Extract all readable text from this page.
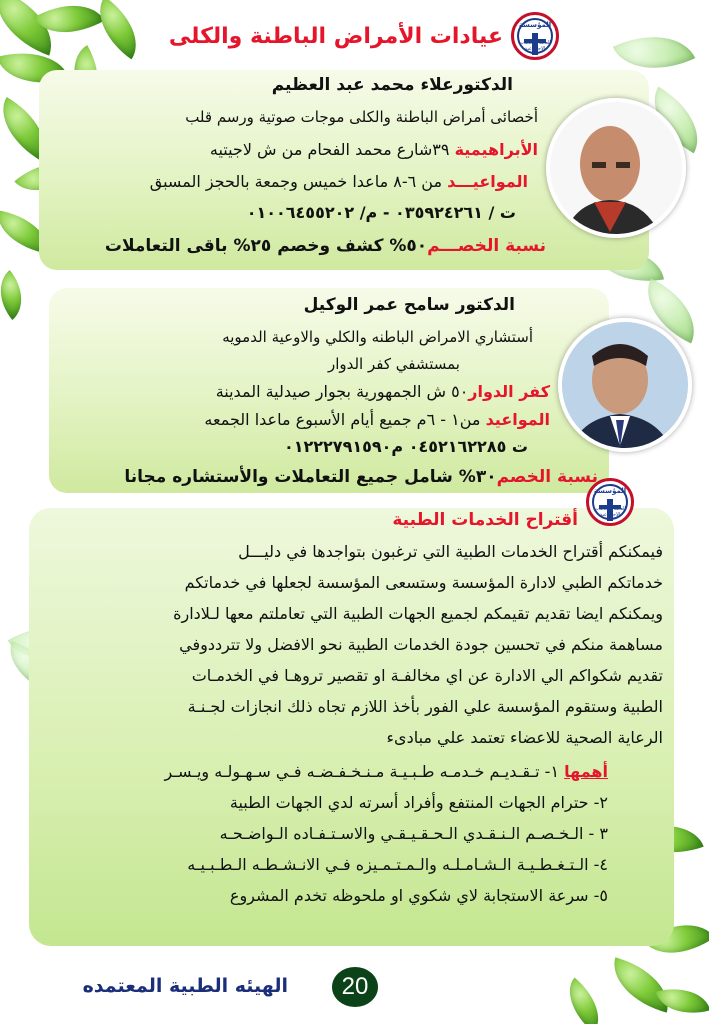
المؤسسة
العامة للخدمات الاجتماعية
المؤسسة
العامة للخدمات الاجتماعية
عيادات الأمراض الباطنة والكلى
الدكتورعلاء محمد عبد العظيم
أخصائى أمراض الباطنة والكلى موجات صوتية ورسم قلب
الأبراهيمية ٣٩شارع محمد الفحام من ش لاجيتيه
المواعيـــد من ٦-٨ ماعدا خميس وجمعة بالحجز المسبق
ت / ٠٣٥٩٢٤٢٦١ - م/ ٠١٠٠٦٤٥٥٢٠٢
نسبة الخصـــم٥٠% كشف وخصم ٢٥% باقى التعاملات
الدكتور سامح عمر الوكيل
أستشاري الامراض الباطنه والكلي والاوعية الدمويه
بمستشفي كفر الدوار
كفر الدوار٥٠ ش الجمهورية بجوار صيدلية المدينة
المواعيد من١ - ٦م جميع أيام الأسبوع ماعدا الجمعه
ت ٠٤٥٢١٦٢٢٨٥ م٠١٢٢٢٧٩١٥٩٠
نسبة الخصم٣٠% شامل جميع التعاملات والأستشاره مجانا
أقتراح الخدمات الطبية
فيمكنكم أقتراح الخدمات الطبية التي ترغبون بتواجدها في دليـــل
خدماتكم الطبي لادارة المؤسسة وستسعى المؤسسة لجعلها في خدماتكم
ويمكنكم ايضا تقديم تقيمكم لجميع الجهات الطبية التي تعاملتم معها لـلادارة
مساهمة منكم في تحسين جودة الخدمات الطبية نحو الافضل ولا تترددوفي
تقديم شكواكم الي الادارة عن اي مخالفـة او تقصير تروهـا في الخدمـات
الطبية وستقوم المؤسسة علي الفور بأخذ اللازم تجاه ذلك انجازات لجـنـة
الرعاية الصحية للاعضاء تعتمد علي مبادىء
أهمها ١- تـقـديـم خـدمـه طـبـيـة مـنـخـفـضـه فـي سـهـولـه ويـسـر
٢- حترام الجهات المنتفع وأفراد أسرته لدي الجهات الطبية
٣ - الـخـصـم الـنـقـدي الـحـقـيـقـي والاسـتـفـاده الـواضـحـه
٤- الـتـغـطـيـة الـشـامـلـه والـمـتـمـيزه فـي الانـشـطـه الـطـبـيـه
٥- سرعة الاستجابة لاي شكوي او ملحوظه تخدم المشروع
20
الهيئه الطبية المعتمده
